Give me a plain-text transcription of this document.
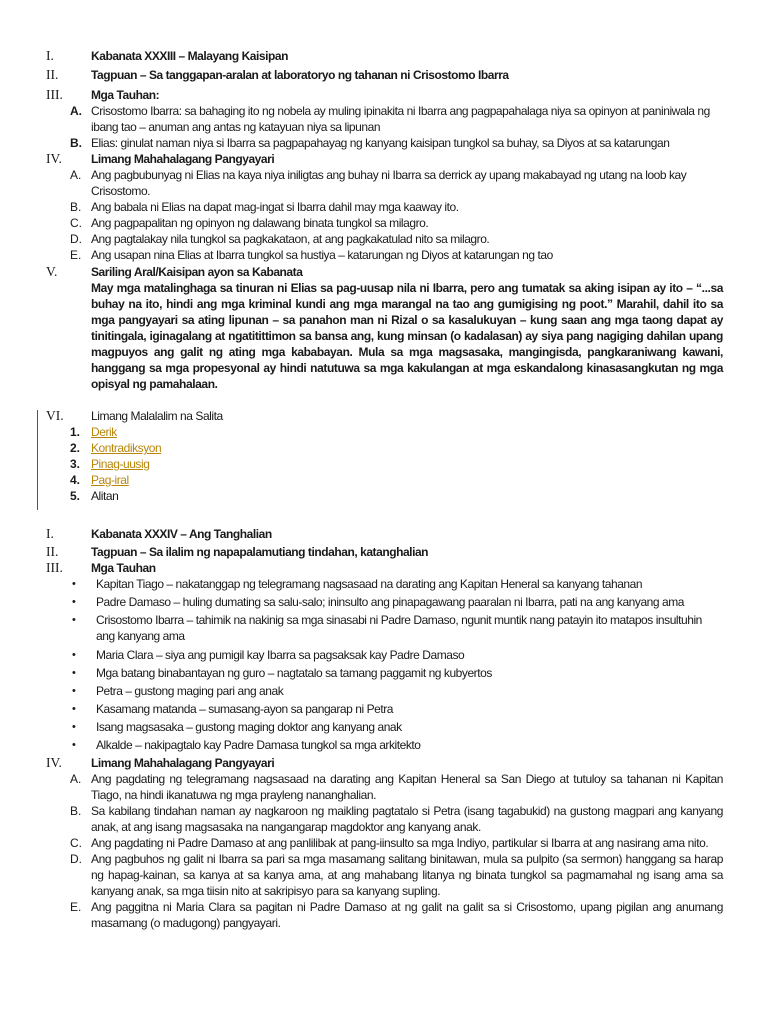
I.	Kabanata XXXIII – Malayang Kaisipan
II.	Tagpuan – Sa tanggapan-aralan at laboratoryo ng tahanan ni Crisostomo Ibarra
III.	Mga Tauhan:
A. Crisostomo Ibarra: sa bahaging ito ng nobela ay muling ipinakita ni Ibarra ang pagpapahalaga niya sa opinyon at paniniwala ng ibang tao – anuman ang antas ng katayuan niya sa lipunan
B. Elias: ginulat naman niya si Ibarra sa pagpapahayag ng kanyang kaisipan tungkol sa buhay, sa Diyos at sa katarungan
IV.	Limang Mahahalagang Pangyayari
A. Ang pagbubunyag ni Elias na kaya niya iniligtas ang buhay ni Ibarra sa derrick ay upang makabayad ng utang na loob kay Crisostomo.
B. Ang babala ni Elias na dapat mag-ingat si Ibarra dahil may mga kaaway ito.
C. Ang pagpapalitan ng opinyon ng dalawang binata tungkol sa milagro.
D. Ang pagtalakay nila tungkol sa pagkakataon, at ang pagkakatulad nito sa milagro.
E. Ang usapan nina Elias at Ibarra tungkol sa hustiya – katarungan ng Diyos at katarungan ng tao
V.	Sariling Aral/Kaisipan ayon sa Kabanata
May mga matalinghaga sa tinuran ni Elias sa pag-uusap nila ni Ibarra, pero ang tumatak sa aking isipan ay ito – “...sa buhay na ito, hindi ang mga kriminal kundi ang mga marangal na tao ang gumigising ng poot.” Marahil, dahil ito sa mga pangyayari sa ating lipunan – sa panahon man ni Rizal o sa kasalukuyan – kung saan ang mga taong dapat ay tinitingala, iginagalang at ngatitittimon sa bansa ang, kung minsan (o kadalasan) ay siya pang nagiging dahilan upang magpuyos ang galit ng ating mga kababayan. Mula sa mga magsasaka, mangingisda, pangkaraniwang kawani, hanggang sa mga propesyonal ay hindi natutuwa sa mga kakulangan at mga eskandalong kinasasangkutan ng mga opisyal ng pamahalaan.
VI.	Limang Malalalim na Salita
1. Derik
2. Kontradiksyon
3. Pinag-uusig
4. Pag-iral
5. Alitan
I.	Kabanata XXXIV – Ang Tanghalian
II.	Tagpuan – Sa ilalim ng napapalamutiang tindahan, katanghalian
III.	Mga Tauhan
• Kapitan Tiago – nakatanggap ng telegramang nagsasaad na darating ang Kapitan Heneral sa kanyang tahanan
• Padre Damaso – huling dumating sa salu-salo; ininsulto ang pinapagawang paaralan ni Ibarra, pati na ang kanyang ama
• Crisostomo Ibarra – tahimik na nakinig sa mga sinasabi ni Padre Damaso, ngunit muntik nang patayin ito matapos insultuhin ang kanyang ama
• Maria Clara – siya ang pumigil kay Ibarra sa pagsaksak kay Padre Damaso
• Mga batang binabantayan ng guro – nagtatalo sa tamang paggamit ng kubyertos
• Petra – gustong maging pari ang anak
• Kasamang matanda – sumasang-ayon sa pangarap ni Petra
• Isang magsasaka – gustong maging doktor ang kanyang anak
• Alkalde – nakipagtalo kay Padre Damasa tungkol sa mga arkitekto
IV.	Limang Mahahalagang Pangyayari
A. Ang pagdating ng telegramang nagsasaad na darating ang Kapitan Heneral sa San Diego at tutuloy sa tahanan ni Kapitan Tiago, na hindi ikanatuwa ng mga prayleng nananghalian.
B. Sa kabilang tindahan naman ay nagkaroon ng maikling pagtatalo si Petra (isang tagabukid) na gustong magpari ang kanyang anak, at ang isang magsasaka na nangangarap magdoktor ang kanyang anak.
C. Ang pagdating ni Padre Damaso at ang panlilibak at pang-iinsulto sa mga Indiyo, partikular si Ibarra at ang nasirang ama nito.
D. Ang pagbuhos ng galit ni Ibarra sa pari sa mga masamang salitang binitawan, mula sa pulpito (sa sermon) hanggang sa harap ng hapag-kainan, sa kanya at sa kanya ama, at ang mahabang litanya ng binata tungkol sa pagmamahal ng isang ama sa kanyang anak, sa mga tiisin nito at sakripisyo para sa kanyang supling.
E. Ang paggitna ni Maria Clara sa pagitan ni Padre Damaso at ng galit na galit sa si Crisostomo, upang pigilan ang anumang masamang (o madugong) pangyayari.
